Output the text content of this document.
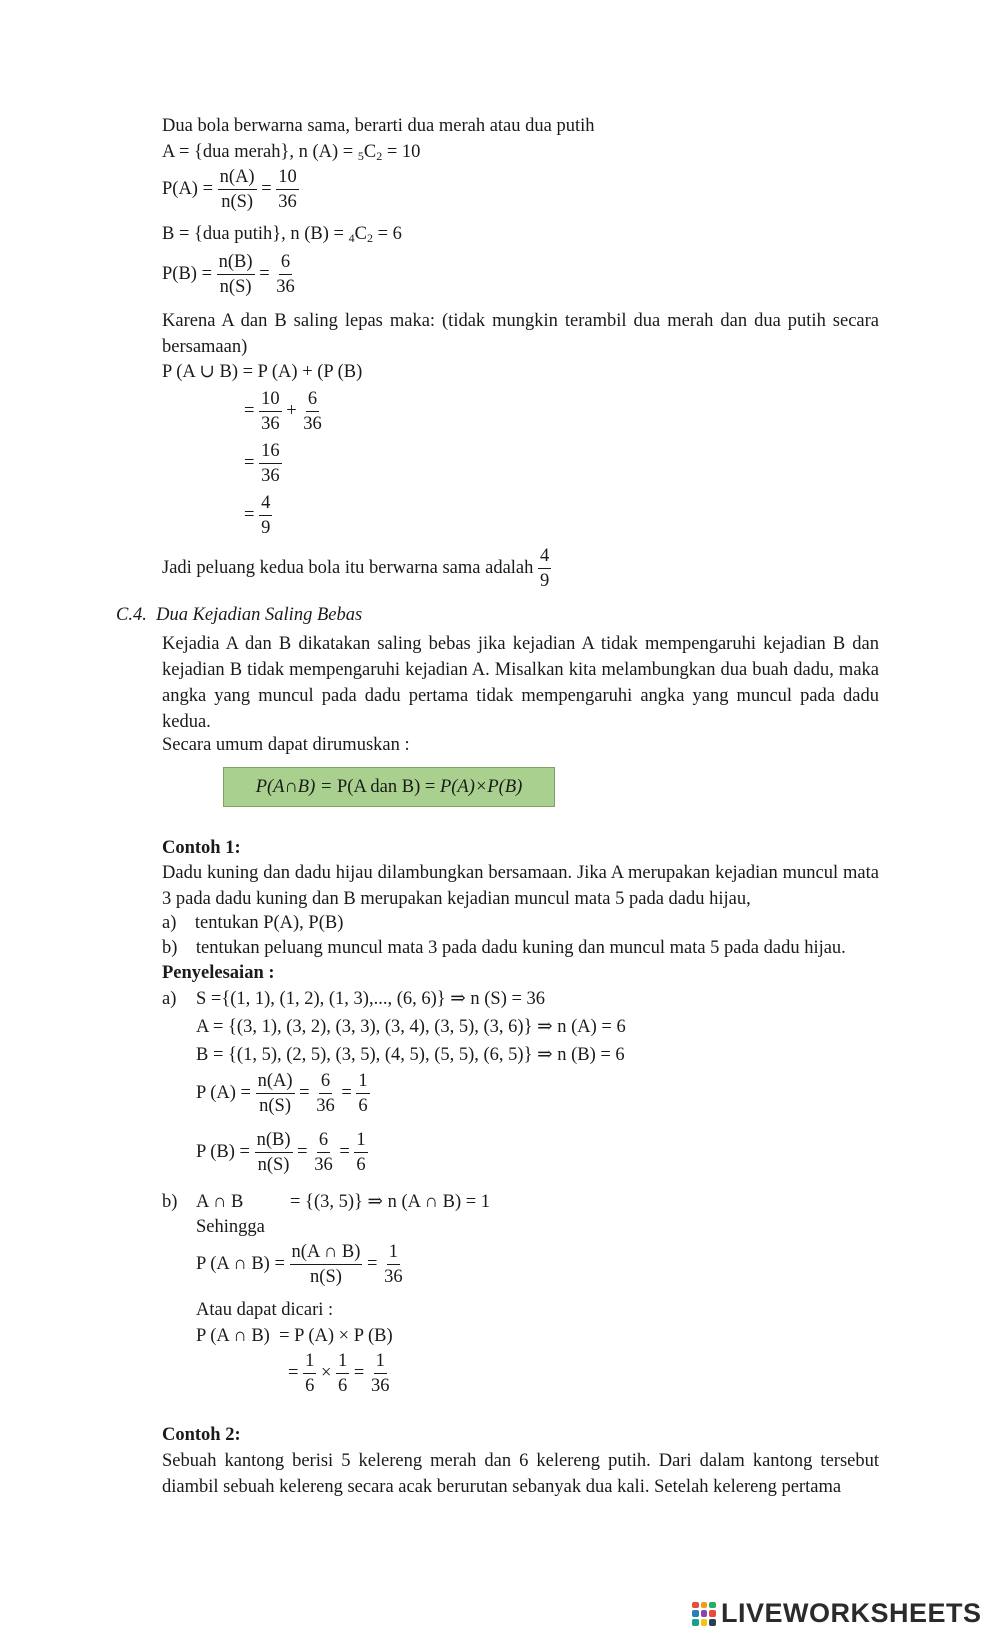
Dua bola berwarna sama, berarti dua merah atau dua putih
A = {dua merah}, n $(A) = _5C_2 = 10$
$P(A) = \frac{n(A)}{n(S)} = \frac{10}{36}$
B = {dua putih}, n $(B) = _4C_2 = 6$
$P(B) = \frac{n(B)}{n(S)} = \frac{6}{36}$
Karena A dan B saling lepas maka: (tidak mungkin terambil dua merah dan dua putih secara bersamaan)
P (A ∪ B) = P (A) + (P (B)
= $\frac{10}{36} + \frac{6}{36}$
= $\frac{16}{36}$
= $\frac{4}{9}$
Jadi peluang kedua bola itu berwarna sama adalah $\frac{4}{9}$
C.4. Dua Kejadian Saling Bebas
Kejadia A dan B dikatakan saling bebas jika kejadian A tidak mempengaruhi kejadian B dan kejadian B tidak mempengaruhi kejadian A. Misalkan kita melambungkan dua buah dadu, maka angka yang muncul pada dadu pertama tidak mempengaruhi angka yang muncul pada dadu kedua.
Secara umum dapat dirumuskan :
P(A∩B) =
P(A dan B) =
P(A)×P(B)
Contoh 1:
Dadu kuning dan dadu hijau dilambungkan bersamaan. Jika A merupakan kejadian muncul mata 3 pada dadu kuning dan B merupakan kejadian muncul mata 5 pada dadu hijau,
a) tentukan P(A), P(B)
b) tentukan peluang muncul mata 3 pada dadu kuning dan muncul mata 5 pada dadu hijau.
Penyelesaian :
a) S ={(1, 1), (1, 2), (1, 3),..., (6, 6)} ⇒ n (S) = 36
A = {(3, 1), (3, 2), (3, 3), (3, 4), (3, 5), (3, 6)} ⇒ n (A) = 6
B = {(1, 5), (2, 5), (3, 5), (4, 5), (5, 5), (6, 5)} ⇒ n (B) = 6
P $(A) = \frac{n(A)}{n(S)} = \frac{6}{36} = \frac{1}{6}$
P $(B) = \frac{n(B)}{n(S)} = \frac{6}{36} = \frac{1}{6}$
b) A ∩ B	= {(3, 5)} ⇒ n (A ∩ B) = 1
Sehingga
P (A ∩ $B) = \frac{n(A \cap B)}{n(S)} = \frac{1}{36}$
Atau dapat dicari :
P (A ∩ B) = P (A) × P (B)
= $\frac{1}{6} \times \frac{1}{6} = \frac{1}{36}$
Contoh 2:
Sebuah kantong berisi 5 kelereng merah dan 6 kelereng putih. Dari dalam kantong tersebut diambil sebuah kelereng secara acak berurutan sebanyak dua kali. Setelah kelereng pertama
LIVEWORKSHEETS
